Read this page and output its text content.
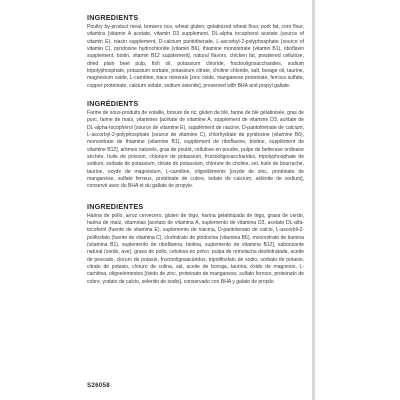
INGREDIENTS

Poultry by-product meal, brewers rice, wheat gluten, gelatinized wheat flour, pork fat, corn flour, vitamins [vitamin A acetate, vitamin D3 supplement, DL-alpha tocopherol acetate (source of vitamin E), niacin supplement, D-calcium pantothenate, L-ascorbyl-2-polyphosphate (source of vitamin C), pyridoxine hydrochloride (vitamin B6), thiamine mononitrate (vitamin B1), riboflavin supplement, biotin, vitamin B12 supplement], natural flavors, chicken fat, powdered cellulose, dried plain beet pulp, fish oil, potassium chloride, fructooligosaccharides, sodium tripolyphosphate, potassium sorbate, potassium citrate, choline chloride, salt, borage oil, taurine, magnesium oxide, L-carnitine, trace minerals [zinc oxide, manganese proteinate, ferrous sulfate, copper proteinate, calcium iodate, sodium selenite], preserved with BHA and propyl gallate.

INGRÉDIENTS

Farine de sous-produits de volaille, brisure de riz, gluten de blé, farine de blé gélatinisée, gras de porc, farine de maïs, vitamines [acétate de vitamine A, supplément de vitamine D3, acétate de DL-alpha-tocophérol (source de vitamine E), supplément de niacine, D-pantothénate de calcium, L-ascorbyl-2-polyphosphate (source de vitamine C), chlorhydrate de pyridoxine (vitamine B6), mononitrate de thiamine (vitamine B1), supplément de riboflavine, biotine, supplément de vitamine B12], arômes naturels, gras de poulet, cellulose en poudre, pulpe de betterave ordinaire séchée, huile de poisson, chlorure de potassium, fructooligosaccharides, tripolyphosphate de sodium, sorbate de potassium, citrate de potassium, chlorure de choline, sel, huile de bourrache, taurine, oxyde de magnésium, L-carnitine, oligoéléments [oxyde de zinc, protéinate de manganèse, sulfate ferreux, protéinate de cuivre, iodate de calcium, sélénite de sodium], conservé avec du BHA et du gallate de propyle.

INGREDIENTES

Harina de pollo, arroz cervecero, gluten de trigo, harina gelatinizada de trigo, grasa de cerdo, harina de maíz, vitaminas [acetato de vitamina A, suplemento de vitamina D3, acetato DL-alfa-tocoferol (fuente de vitamina E), suplemento de niacina, D-pantotenato de calcio, L-ascorbil-2-polifosfato (fuente de vitamina C), clorhidrato de piridoxina (vitamina B6), mononitrato de tiamina (vitamina B1), suplemento de riboflavina, biotina, suplemento de vitamina B12], saborizante natural (cerdo, ave), grasa de pollo, celulosa en polvo, pulpa de remolacha deshidratada, aceite de pescado, cloruro de potasio, fructooligosacáridos, tripolifosfato de sodio, sorbato de potasio, citrato de potasio, cloruro de colina, sal, aceite de borraja, taurina, óxido de magnesio, L-carnitina, oligoelementos [óxido de zinc, proteinato de manganeso, sulfato ferroso, proteinato de cobre, yodato de calcio, selenito de sodio], conservado con BHA y galato de propilo.

S26058
